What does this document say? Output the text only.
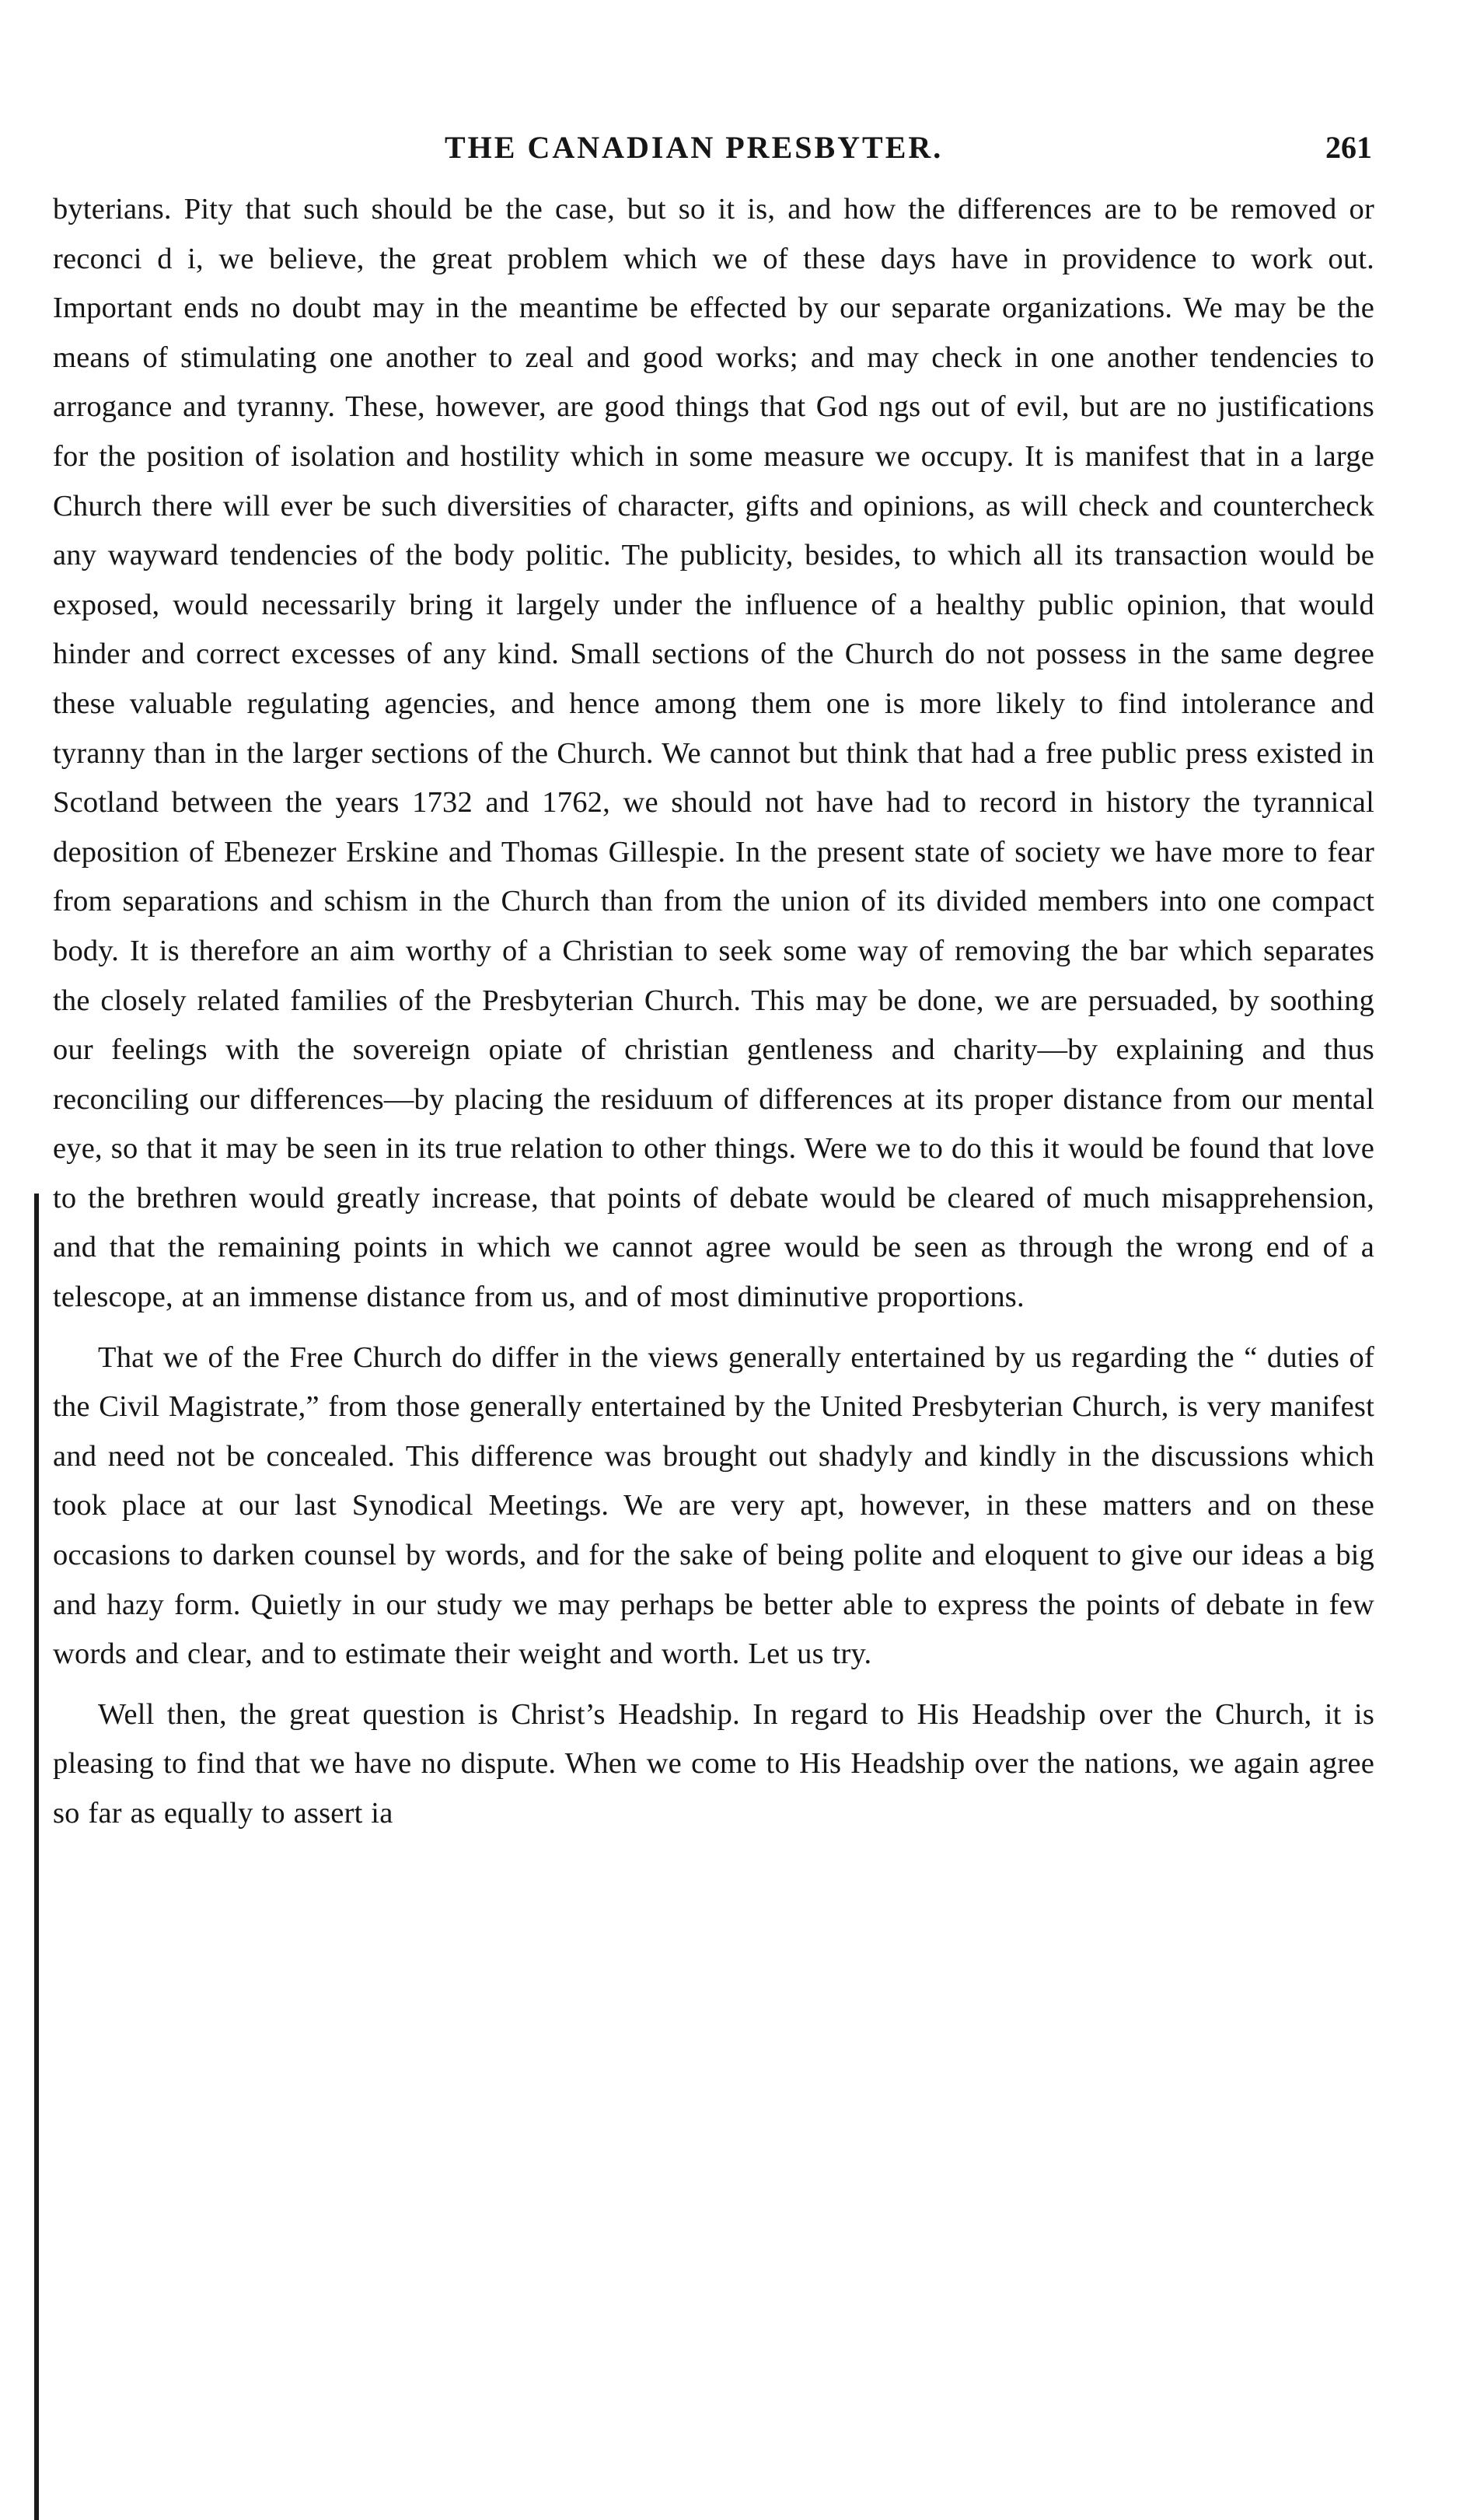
THE CANADIAN PRESBYTER.	261

byterians. Pity that such should be the case, but so it is, and how the differences are to be removed or reconci d i, we believe, the great problem which we of these days have in providence to work out. Important ends no doubt may in the meantime be effected by our separate organizations. We may be the means of stimulating one another to zeal and good works; and may check in one another tendencies to arrogance and tyranny. These, however, are good things that God ngs out of evil, but are no justifications for the position of isolation and hostility which in some measure we occupy. It is manifest that in a large Church there will ever be such diversities of character, gifts and opinions, as will check and countercheck any wayward tendencies of the body politic. The publicity, besides, to which all its transaction would be exposed, would necessarily bring it largely under the influence of a healthy public opinion, that would hinder and correct excesses of any kind. Small sections of the Church do not possess in the same degree these valuable regulating agencies, and hence among them one is more likely to find intolerance and tyranny than in the larger sections of the Church. We cannot but think that had a free public press existed in Scotland between the years 1732 and 1762, we should not have had to record in history the tyrannical deposition of Ebenezer Erskine and Thomas Gillespie. In the present state of society we have more to fear from separations and schism in the Church than from the union of its divided members into one compact body. It is therefore an aim worthy of a Christian to seek some way of removing the bar which separates the closely related families of the Presbyterian Church. This may be done, we are persuaded, by soothing our feelings with the sovereign opiate of christian gentleness and charity—by explaining and thus reconciling our differences—by placing the residuum of differences at its proper distance from our mental eye, so that it may be seen in its true relation to other things. Were we to do this it would be found that love to the brethren would greatly increase, that points of debate would be cleared of much misapprehension, and that the remaining points in which we cannot agree would be seen as through the wrong end of a telescope, at an immense distance from us, and of most diminutive proportions.

That we of the Free Church do differ in the views generally entertained by us regarding the “ duties of the Civil Magistrate,” from those generally entertained by the United Presbyterian Church, is very manifest and need not be concealed. This difference was brought out shadyly and kindly in the discussions which took place at our last Synodical Meetings. We are very apt, however, in these matters and on these occasions to darken counsel by words, and for the sake of being polite and eloquent to give our ideas a big and hazy form. Quietly in our study we may perhaps be better able to express the points of debate in few words and clear, and to estimate their weight and worth. Let us try.

Well then, the great question is Christ’s Headship. In regard to His Headship over the Church, it is pleasing to find that we have no dispute. When we come to His Headship over the nations, we again agree so far as equally to assert ia
